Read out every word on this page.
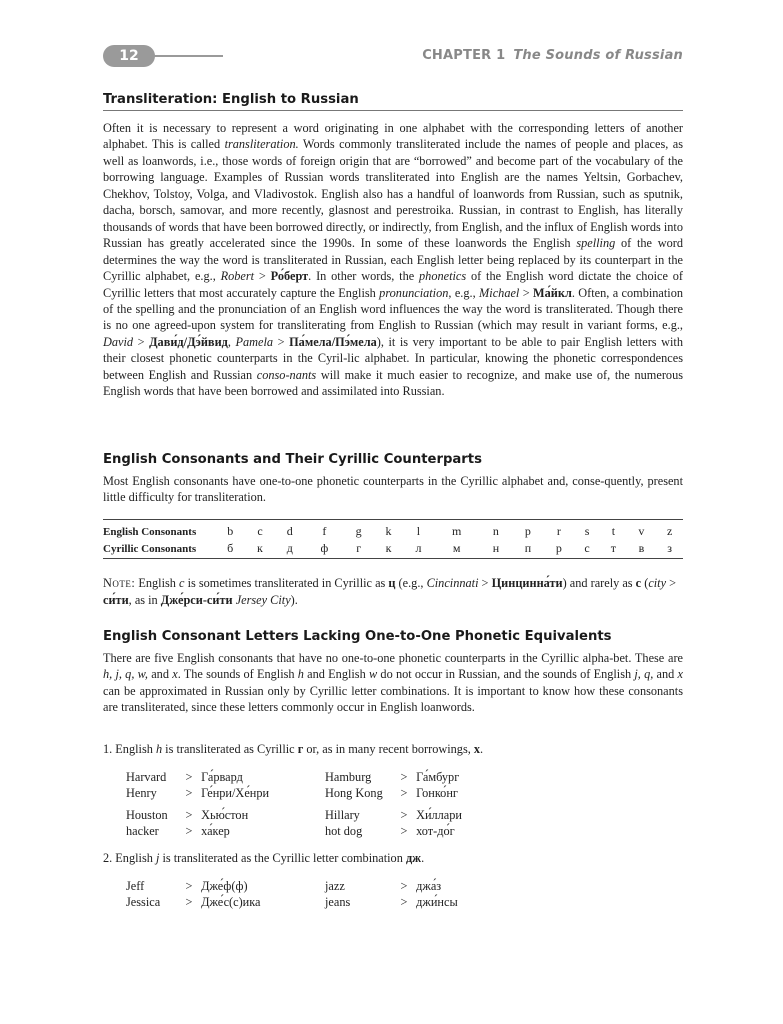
12	CHAPTER 1 The Sounds of Russian
Transliteration: English to Russian
Often it is necessary to represent a word originating in one alphabet with the corresponding letters of another alphabet. This is called transliteration. Words commonly transliterated include the names of people and places, as well as loanwords, i.e., those words of foreign origin that are “borrowed” and become part of the vocabulary of the borrowing language. Examples of Russian words transliterated into English are the names Yeltsin, Gorbachev, Chekhov, Tolstoy, Volga, and Vladivostok. English also has a handful of loanwords from Russian, such as sputnik, dacha, borsch, samovar, and more recently, glasnost and perestroika. Russian, in contrast to English, has literally thousands of words that have been borrowed directly, or indirectly, from English, and the influx of English words into Russian has greatly accelerated since the 1990s. In some of these loanwords the English spelling of the word determines the way the word is transliterated in Russian, each English letter being replaced by its counterpart in the Cyrillic alphabet, e.g., Robert > Ро́берт. In other words, the phonetics of the English word dictate the choice of Cyrillic letters that most accurately capture the English pronunciation, e.g., Michael > Ма́йкл. Often, a combination of the spelling and the pronunciation of an English word influences the way the word is transliterated. Though there is no one agreed-upon system for transliterating from English to Russian (which may result in variant forms, e.g., David > Дави́д/Дэ́йвид, Pamela > Па́мела/Пэ́мела), it is very important to be able to pair English letters with their closest phonetic counterparts in the Cyril-lic alphabet. In particular, knowing the phonetic correspondences between English and Russian conso-nants will make it much easier to recognize, and make use of, the numerous English words that have been borrowed and assimilated into Russian.
English Consonants and Their Cyrillic Counterparts
Most English consonants have one-to-one phonetic counterparts in the Cyrillic alphabet and, conse-quently, present little difficulty for transliteration.
English Consonants	b	c	d	f	g	k	l	m	n	p	r	s	t	v	z
Cyrillic Consonants	б	к	д	ф	г	к	л	м	н	п	р	с	т	в	з
Note: English c is sometimes transliterated in Cyrillic as ц (e.g., Cincinnati > Цинцинна́ти) and rarely as с (city > си́ти, as in Дже́рси-си́ти Jersey City).
English Consonant Letters Lacking One-to-One Phonetic Equivalents
There are five English consonants that have no one-to-one phonetic counterparts in the Cyrillic alpha-bet. These are h, j, q, w, and x. The sounds of English h and English w do not occur in Russian, and the sounds of English j, q, and x can be approximated in Russian only by Cyrillic letter combinations. It is important to know how these consonants are transliterated, since these letters commonly occur in English loanwords.
1. English h is transliterated as Cyrillic г or, as in many recent borrowings, х.
Harvard > Га́рвард	Hamburg > Га́мбург
Henry > Ге́нри/Хе́нри	Hong Kong > Гонко́нг
Houston > Хью́стон	Hillary	> Хи́ллари
hacker > ха́кер	hot dog	> хот-до́г
2. English j is transliterated as the Cyrillic letter combination дж.
Jeff	> Дже́ф(ф)	jazz	> джа́з
Jessica > Дже́с(с)ика	jeans	> джи́нсы
